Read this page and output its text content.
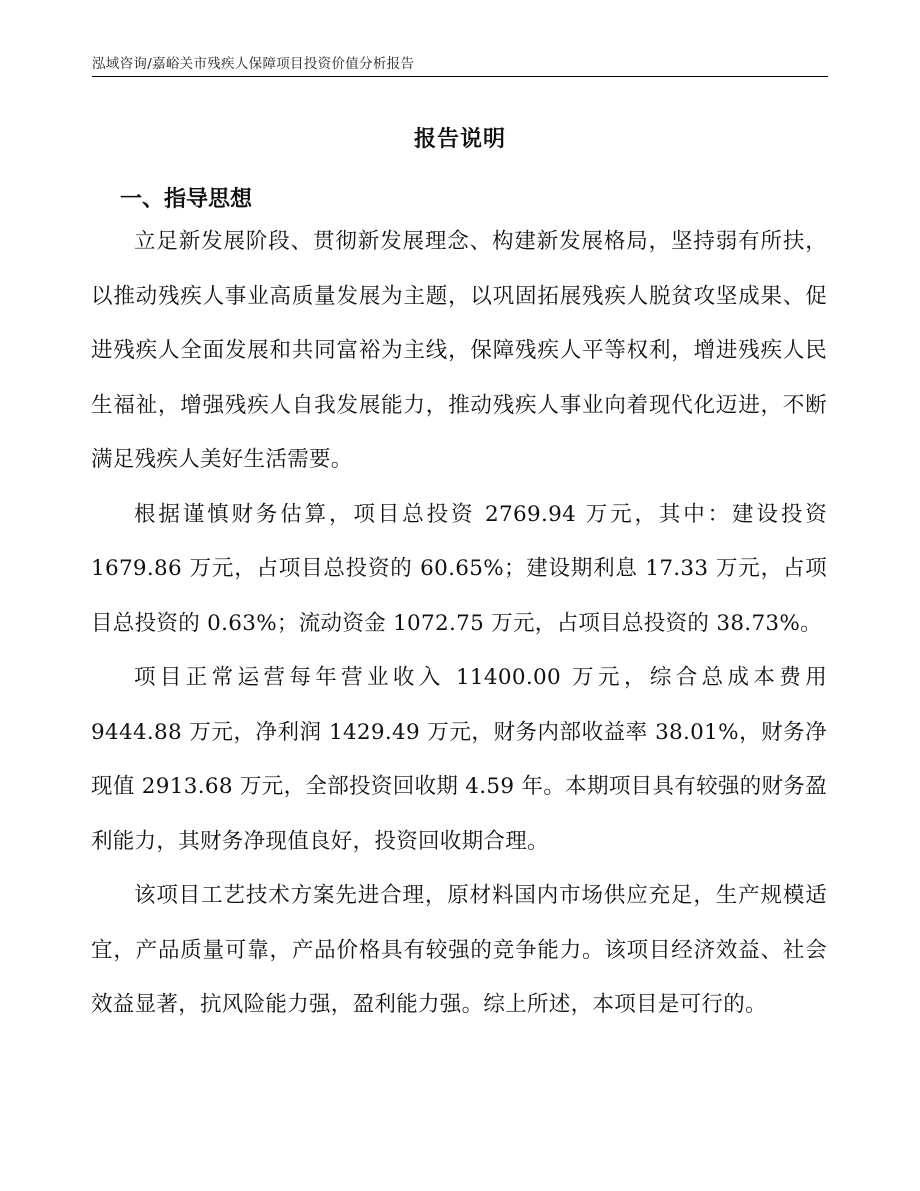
泓域咨询/嘉峪关市残疾人保障项目投资价值分析报告
报告说明
一、指导思想

立足新发展阶段、贯彻新发展理念、构建新发展格局，坚持弱有所扶，以推动残疾人事业高质量发展为主题，以巩固拓展残疾人脱贫攻坚成果、促进残疾人全面发展和共同富裕为主线，保障残疾人平等权利，增进残疾人民生福祉，增强残疾人自我发展能力，推动残疾人事业向着现代化迈进，不断满足残疾人美好生活需要。

根据谨慎财务估算，项目总投资 2769.94 万元，其中：建设投资 1679.86 万元，占项目总投资的 60.65%；建设期利息 17.33 万元，占项目总投资的 0.63%；流动资金 1072.75 万元，占项目总投资的 38.73%。

项目正常运营每年营业收入 11400.00 万元，综合总成本费用 9444.88 万元，净利润 1429.49 万元，财务内部收益率 38.01%，财务净现值 2913.68 万元，全部投资回收期 4.59 年。本期项目具有较强的财务盈利能力，其财务净现值良好，投资回收期合理。

该项目工艺技术方案先进合理，原材料国内市场供应充足，生产规模适宜，产品质量可靠，产品价格具有较强的竞争能力。该项目经济效益、社会效益显著，抗风险能力强，盈利能力强。综上所述，本项目是可行的。
